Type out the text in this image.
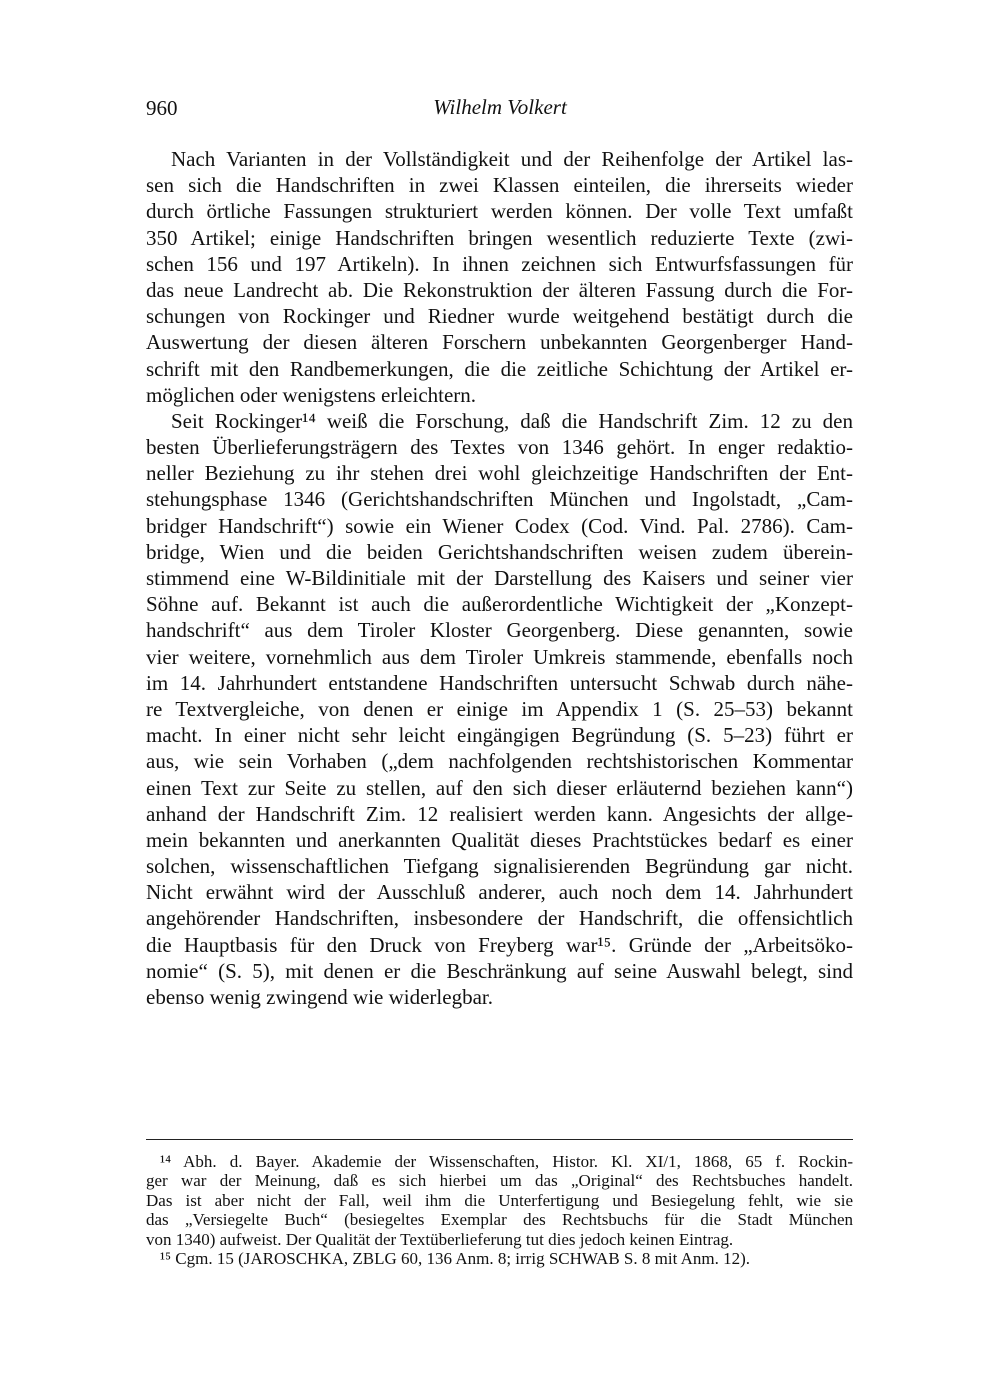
960	Wilhelm Volkert
Nach Varianten in der Vollständigkeit und der Reihenfolge der Artikel las-
sen sich die Handschriften in zwei Klassen einteilen, die ihrerseits wieder
durch örtliche Fassungen strukturiert werden können. Der volle Text umfaßt
350 Artikel; einige Handschriften bringen wesentlich reduzierte Texte (zwi-
schen 156 und 197 Artikeln). In ihnen zeichnen sich Entwurfsfassungen für
das neue Landrecht ab. Die Rekonstruktion der älteren Fassung durch die For-
schungen von Rockinger und Riedner wurde weitgehend bestätigt durch die
Auswertung der diesen älteren Forschern unbekannten Georgenberger Hand-
schrift mit den Randbemerkungen, die die zeitliche Schichtung der Artikel er-
möglichen oder wenigstens erleichtern.
Seit Rockinger¹⁴ weiß die Forschung, daß die Handschrift Zim. 12 zu den
besten Überlieferungsträgern des Textes von 1346 gehört. In enger redaktio-
neller Beziehung zu ihr stehen drei wohl gleichzeitige Handschriften der Ent-
stehungsphase 1346 (Gerichtshandschriften München und Ingolstadt, „Cam-
bridger Handschrift“) sowie ein Wiener Codex (Cod. Vind. Pal. 2786). Cam-
bridge, Wien und die beiden Gerichtshandschriften weisen zudem überein-
stimmend eine W-Bildinitiale mit der Darstellung des Kaisers und seiner vier
Söhne auf. Bekannt ist auch die außerordentliche Wichtigkeit der „Konzept-
handschrift“ aus dem Tiroler Kloster Georgenberg. Diese genannten, sowie
vier weitere, vornehmlich aus dem Tiroler Umkreis stammende, ebenfalls noch
im 14. Jahrhundert entstandene Handschriften untersucht Schwab durch nähe-
re Textvergleiche, von denen er einige im Appendix 1 (S. 25–53) bekannt
macht. In einer nicht sehr leicht eingängigen Begründung (S. 5–23) führt er
aus, wie sein Vorhaben („dem nachfolgenden rechtshistorischen Kommentar
einen Text zur Seite zu stellen, auf den sich dieser erläuternd beziehen kann“)
anhand der Handschrift Zim. 12 realisiert werden kann. Angesichts der allge-
mein bekannten und anerkannten Qualität dieses Prachtstückes bedarf es einer
solchen, wissenschaftlichen Tiefgang signalisierenden Begründung gar nicht.
Nicht erwähnt wird der Ausschluß anderer, auch noch dem 14. Jahrhundert
angehörender Handschriften, insbesondere der Handschrift, die offensichtlich
die Hauptbasis für den Druck von Freyberg war¹⁵. Gründe der „Arbeitsöko-
nomie“ (S. 5), mit denen er die Beschränkung auf seine Auswahl belegt, sind
ebenso wenig zwingend wie widerlegbar.
¹⁴ Abh. d. Bayer. Akademie der Wissenschaften, Histor. Kl. XI/1, 1868, 65 f. Rockin-
ger war der Meinung, daß es sich hierbei um das „Original“ des Rechtsbuches handelt.
Das ist aber nicht der Fall, weil ihm die Unterfertigung und Besiegelung fehlt, wie sie
das „Versiegelte Buch“ (besiegeltes Exemplar des Rechtsbuchs für die Stadt München
von 1340) aufweist. Der Qualität der Textüberlieferung tut dies jedoch keinen Eintrag.
¹⁵ Cgm. 15 (JAROSCHKA, ZBLG 60, 136 Anm. 8; irrig SCHWAB S. 8 mit Anm. 12).
